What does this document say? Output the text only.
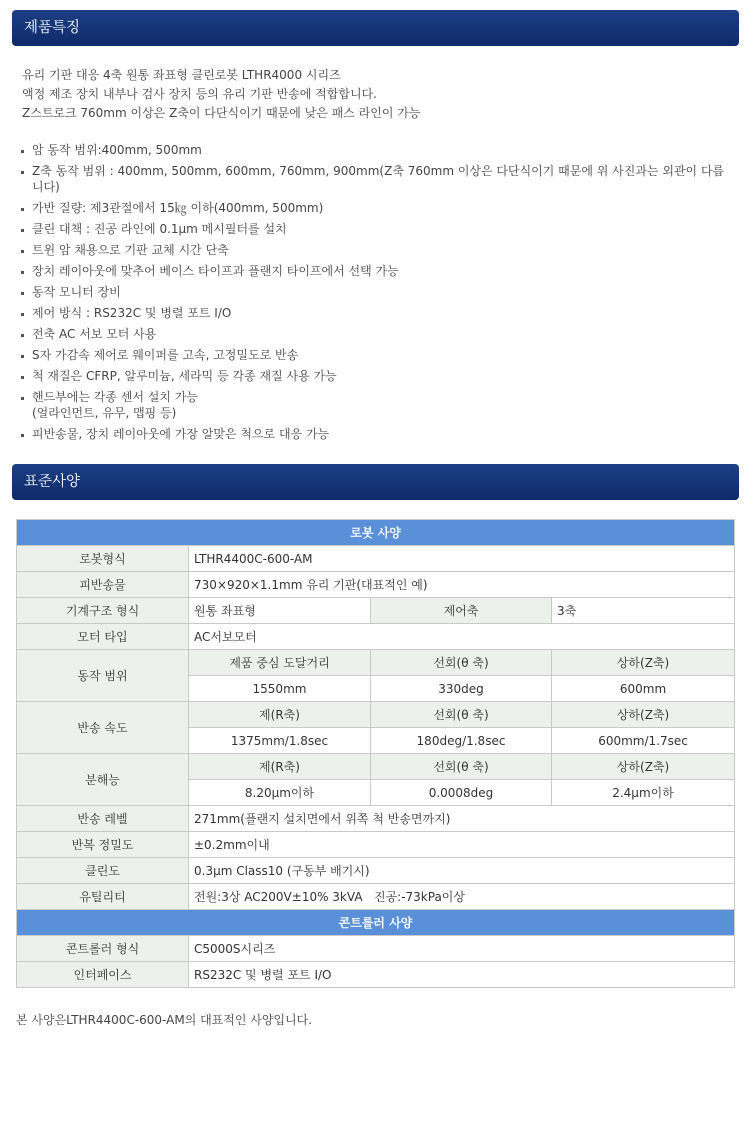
제품특징
유리 기판 대응 4축 원통 좌표형 클린로봇 LTHR4000 시리즈
액정 제조 장치 내부나 검사 장치 등의 유리 기판 반송에 적합합니다.
Z스트로크 760mm 이상은 Z축이 다단식이기 때문에 낮은 패스 라인이 가능
암 동작 범위:400mm, 500mm
Z축 동작 범위 : 400mm, 500mm, 600mm, 760mm, 900mm(Z축 760mm 이상은 다단식이기 때문에 위 사진과는 외관이 다릅니다)
가반 질량: 제3관절에서 15㎏ 이하(400mm, 500mm)
클린 대책 : 진공 라인에 0.1μm 메시필터를 설치
트윈 암 채용으로 기판 교체 시간 단축
장치 레이아웃에 맞추어 베이스 타이프과 플랜지 타이프에서 선택 가능
동작 모니터 장비
제어 방식 : RS232C 및 병렬 포트 I/O
전축 AC 서보 모터 사용
S자 가감속 제어로 웨이퍼를 고속, 고정밀도로 반송
척 재질은 CFRP, 알루미늄, 세라믹 등 각종 재질 사용 가능
핸드부에는 각종 센서 설치 가능
(얼라인먼트, 유무, 맵핑 등)
피반송물, 장치 레이아웃에 가장 알맞은 척으로 대응 가능
표준사양
로봇 사양			
로봇형식	LTHR4400C-600-AM		
피반송물	730×920×1.1mm 유리 기판(대표적인 예)		
기계구조 형식	원통 좌표형	제어축	3축
모터 타입	AC서보모터		
동작 범위	제품 중심 도달거리	선회(θ 축)	상하(Z축)
	1550mm	330deg	600mm
반송 속도	제(R축)	선회(θ 축)	상하(Z축)
	1375mm/1.8sec	180deg/1.8sec	600mm/1.7sec
분해능	제(R축)	선회(θ 축)	상하(Z축)
	8.20μm이하	0.0008deg	2.4μm이하
반송 레벨	271mm(플랜지 설치면에서 위쪽 척 반송면까지)		
반복 정밀도	±0.2mm이내		
클린도	0.3μm Class10 (구동부 배기시)		
유틸리티	전원:3상 AC200V±10% 3kVA   진공:-73kPa이상		
콘트롤러 사양			
콘트롤러 형식	C5000S시리즈		
인터페이스	RS232C 및 병렬 포트 I/O		
본 사양은LTHR4400C-600-AM의 대표적인 사양입니다.
